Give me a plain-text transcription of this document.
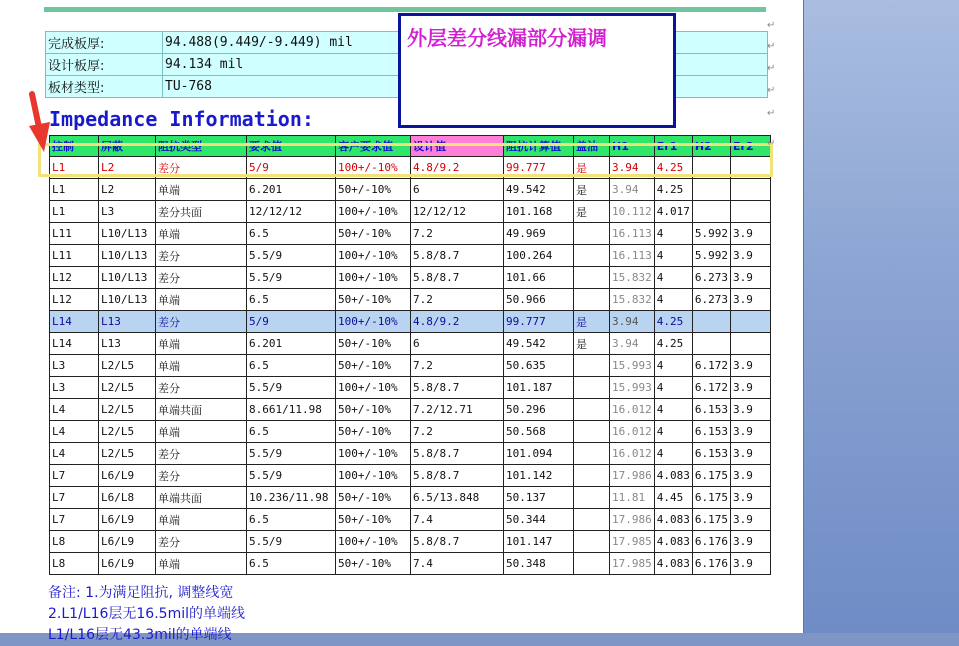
完成板厚:	94.488(9.449/-9.449) mil
设计板厚:	94.134 mil
板材类型:	TU-768
外层差分线漏部分漏调
Impedance Information:
控制	屏蔽	阻抗类型	要求值	客户要求值	设计值	阻抗计算值	盖油	H1	Er1	H2	Er2
L1	L2	差分	5/9	100+/-10%	4.8/9.2	99.777	是	3.94	4.25		
L1	L2	单端	6.201	50+/-10%	6	49.542	是	3.94	4.25		
L1	L3	差分共面	12/12/12	100+/-10%	12/12/12	101.168	是	10.112	4.017		
L11	L10/L13	单端	6.5	50+/-10%	7.2	49.969		16.113	4	5.992	3.9
L11	L10/L13	差分	5.5/9	100+/-10%	5.8/8.7	100.264		16.113	4	5.992	3.9
L12	L10/L13	差分	5.5/9	100+/-10%	5.8/8.7	101.66		15.832	4	6.273	3.9
L12	L10/L13	单端	6.5	50+/-10%	7.2	50.966		15.832	4	6.273	3.9
L14	L13	差分	5/9	100+/-10%	4.8/9.2	99.777	是	3.94	4.25		
L14	L13	单端	6.201	50+/-10%	6	49.542	是	3.94	4.25		
L3	L2/L5	单端	6.5	50+/-10%	7.2	50.635		15.993	4	6.172	3.9
L3	L2/L5	差分	5.5/9	100+/-10%	5.8/8.7	101.187		15.993	4	6.172	3.9
L4	L2/L5	单端共面	8.661/11.98	50+/-10%	7.2/12.71	50.296		16.012	4	6.153	3.9
L4	L2/L5	单端	6.5	50+/-10%	7.2	50.568		16.012	4	6.153	3.9
L4	L2/L5	差分	5.5/9	100+/-10%	5.8/8.7	101.094		16.012	4	6.153	3.9
L7	L6/L9	差分	5.5/9	100+/-10%	5.8/8.7	101.142		17.986	4.083	6.175	3.9
L7	L6/L8	单端共面	10.236/11.98	50+/-10%	6.5/13.848	50.137		11.81	4.45	6.175	3.9
L7	L6/L9	单端	6.5	50+/-10%	7.4	50.344		17.986	4.083	6.175	3.9
L8	L6/L9	差分	5.5/9	100+/-10%	5.8/8.7	101.147		17.985	4.083	6.176	3.9
L8	L6/L9	单端	6.5	50+/-10%	7.4	50.348		17.985	4.083	6.176	3.9
备注: 1.为满足阻抗, 调整线宽
2.L1/L16层无16.5mil的单端线
L1/L16层无43.3mil的单端线
↵
↵
↵
↵
↵
↵
